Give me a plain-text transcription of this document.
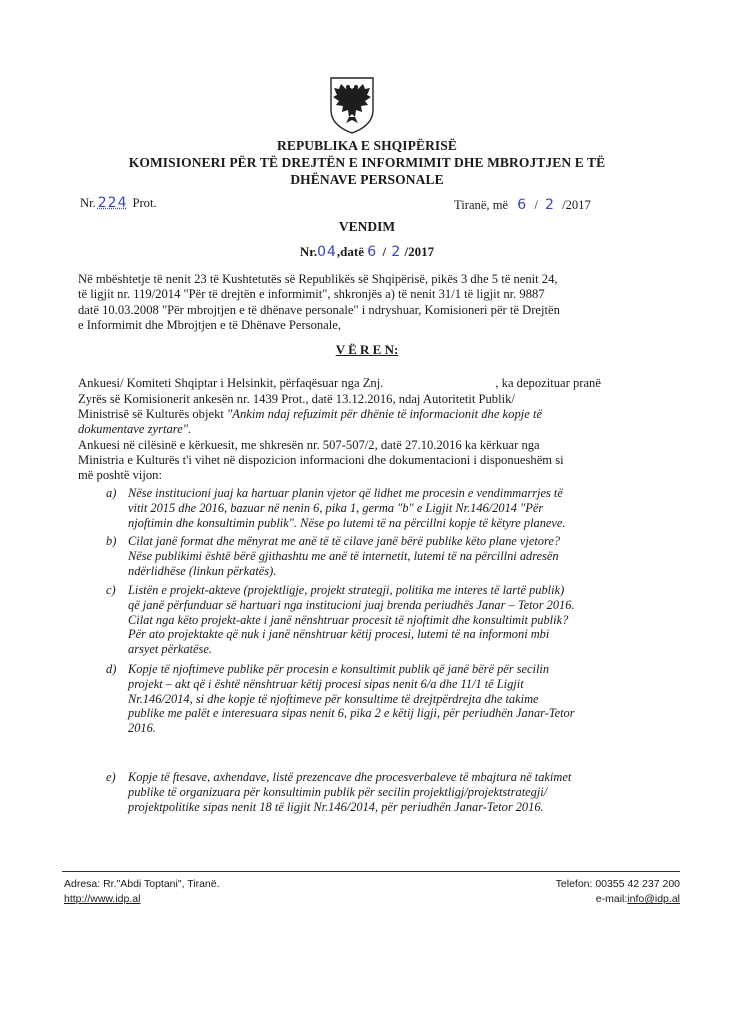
REPUBLIKA E SHQIPËRISË
KOMISIONERI PËR TË DREJTËN E INFORMIMIT DHE MBROJTJEN E TË
DHËNAVE PERSONALE
Nr. 224 Prot.	Tiranë, më 6 / 2 /2017
VENDIM
Nr.04,datë 6 / 2 /2017
Në mbështetje të nenit 23 të Kushtetutës së Republikës së Shqipërisë, pikës 3 dhe 5 të nenit 24,
të ligjit nr. 119/2014 "Për të drejtën e informimit", shkronjës a) të nenit 31/1 të ligjit nr. 9887
datë 10.03.2008 "Për mbrojtjen e të dhënave personale" i ndryshuar, Komisioneri për të Drejtën
e Informimit dhe Mbrojtjen e të Dhënave Personale,
V Ë R E N:
Ankuesi/ Komiteti Shqiptar i Helsinkit, përfaqësuar nga Znj.	, ka depozituar pranë
Zyrës së Komisionerit ankesën nr. 1439 Prot., datë 13.12.2016, ndaj Autoritetit Publik/
Ministrisë së Kulturës objekt "Ankim ndaj refuzimit për dhënie të informacionit dhe kopje të
dokumentave zyrtare".
Ankuesi në cilësinë e kërkuesit, me shkresën nr. 507-507/2, datë 27.10.2016 ka kërkuar nga
Ministria e Kulturës t'i vihet në dispozicion informacioni dhe dokumentacioni i disponueshëm si
më poshtë vijon:
a) Nëse institucioni juaj ka hartuar planin vjetor që lidhet me procesin e vendimmarrjes të
vitit 2015 dhe 2016, bazuar në nenin 6, pika 1, germa "b" e Ligjit Nr.146/2014 "Për
njoftimin dhe konsultimin publik". Nëse po lutemi të na përcillni kopje të këtyre planeve.
b) Cilat janë format dhe mënyrat me anë të të cilave janë bërë publike këto plane vjetore?
Nëse publikimi është bërë gjithashtu me anë të internetit, lutemi të na përcillni adresën
ndërlidhëse (linkun përkatës).
c) Listën e projekt-akteve (projektligje, projekt strategji, politika me interes të lartë publik)
që janë përfunduar së hartuari nga institucioni juaj brenda periudhës Janar – Tetor 2016.
Cilat nga këto projekt-akte i janë nënshtruar procesit të njoftimit dhe konsultimit publik?
Për ato projektakte që nuk i janë nënshtruar këtij procesi, lutemi të na informoni mbi
arsyet përkatëse.
d) Kopje të njoftimeve publike për procesin e konsultimit publik që janë bërë për secilin
projekt – akt që i është nënshtruar këtij procesi sipas nenit 6/a dhe 11/1 të Ligjit
Nr.146/2014, si dhe kopje të njoftimeve për konsultime të drejtpërdrejta dhe takime
publike me palët e interesuara sipas nenit 6, pika 2 e këtij ligji, për periudhën Janar-Tetor
2016.
e) Kopje të ftesave, axhendave, listë prezencave dhe procesverbaleve të mbajtura në takimet
publike të organizuara për konsultimin publik për secilin projektligj/projektstrategji/
projektpolitike sipas nenit 18 të ligjit Nr.146/2014, për periudhën Janar-Tetor 2016.
Adresa: Rr."Abdi Toptani", Tiranë.
http://www.idp.al
Telefon: 00355 42 237 200
e-mail:info@idp.al
